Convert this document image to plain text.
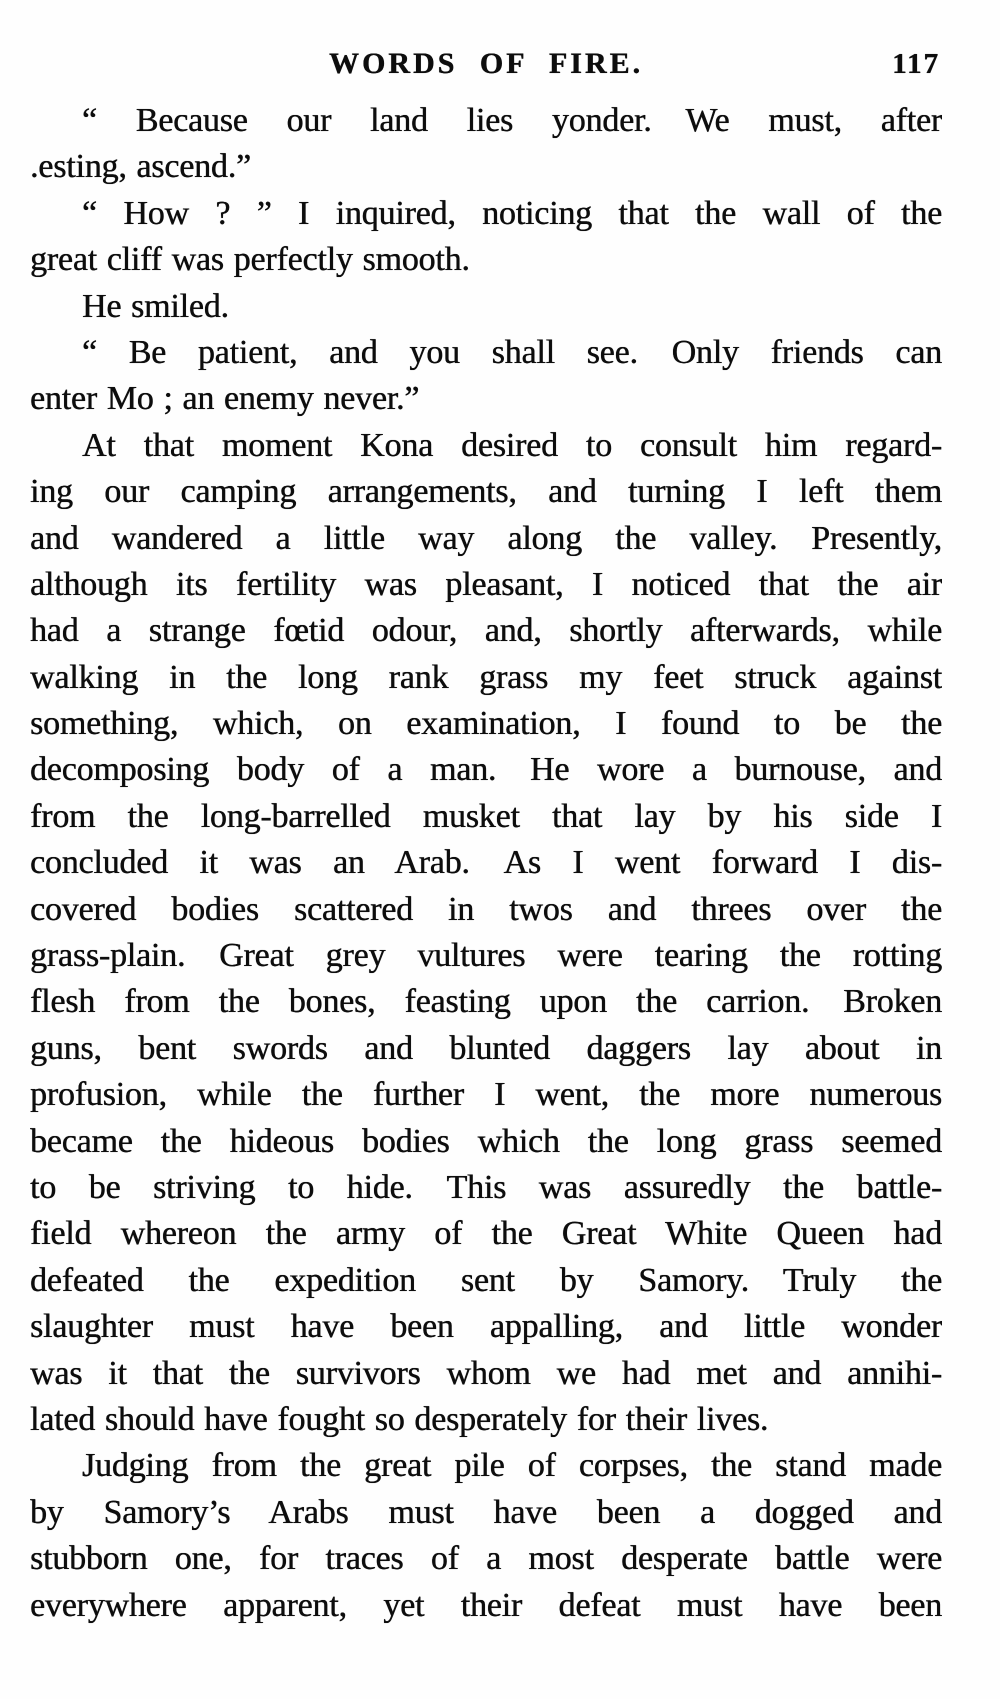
WORDS OF FIRE.	117
“ Because our land lies yonder. We must, after
.esting, ascend.”
“ How ? ” I inquired, noticing that the wall of the
great cliff was perfectly smooth.
He smiled.
“ Be patient, and you shall see. Only friends can
enter Mo ; an enemy never.”
At that moment Kona desired to consult him regard-
ing our camping arrangements, and turning I left them
and wandered a little way along the valley. Presently,
although its fertility was pleasant, I noticed that the air
had a strange fœtid odour, and, shortly afterwards, while
walking in the long rank grass my feet struck against
something, which, on examination, I found to be the
decomposing body of a man. He wore a burnouse, and
from the long-barrelled musket that lay by his side I
concluded it was an Arab. As I went forward I dis-
covered bodies scattered in twos and threes over the
grass-plain. Great grey vultures were tearing the rotting
flesh from the bones, feasting upon the carrion. Broken
guns, bent swords and blunted daggers lay about in
profusion, while the further I went, the more numerous
became the hideous bodies which the long grass seemed
to be striving to hide. This was assuredly the battle-
field whereon the army of the Great White Queen had
defeated the expedition sent by Samory. Truly the
slaughter must have been appalling, and little wonder
was it that the survivors whom we had met and annihi-
lated should have fought so desperately for their lives.
Judging from the great pile of corpses, the stand made
by Samory’s Arabs must have been a dogged and
stubborn one, for traces of a most desperate battle were
everywhere apparent, yet their defeat must have been
